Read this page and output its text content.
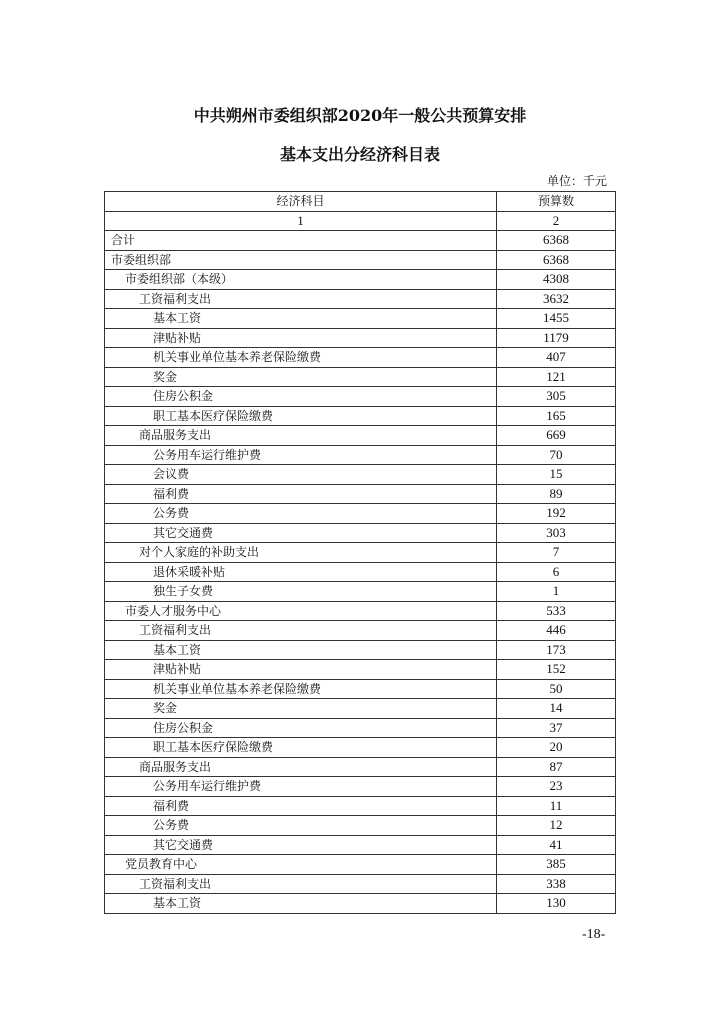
中共朔州市委组织部2020年一般公共预算安排
基本支出分经济科目表
单位：千元
经济科目	预算数
1	2
合计	6368
市委组织部	6368
市委组织部（本级）	4308
工资福利支出	3632
基本工资	1455
津贴补贴	1179
机关事业单位基本养老保险缴费	407
奖金	121
住房公积金	305
职工基本医疗保险缴费	165
商品服务支出	669
公务用车运行维护费	70
会议费	15
福利费	89
公务费	192
其它交通费	303
对个人家庭的补助支出	7
退休采暖补贴	6
独生子女费	1
市委人才服务中心	533
工资福利支出	446
基本工资	173
津贴补贴	152
机关事业单位基本养老保险缴费	50
奖金	14
住房公积金	37
职工基本医疗保险缴费	20
商品服务支出	87
公务用车运行维护费	23
福利费	11
公务费	12
其它交通费	41
党员教育中心	385
工资福利支出	338
基本工资	130
-18-
